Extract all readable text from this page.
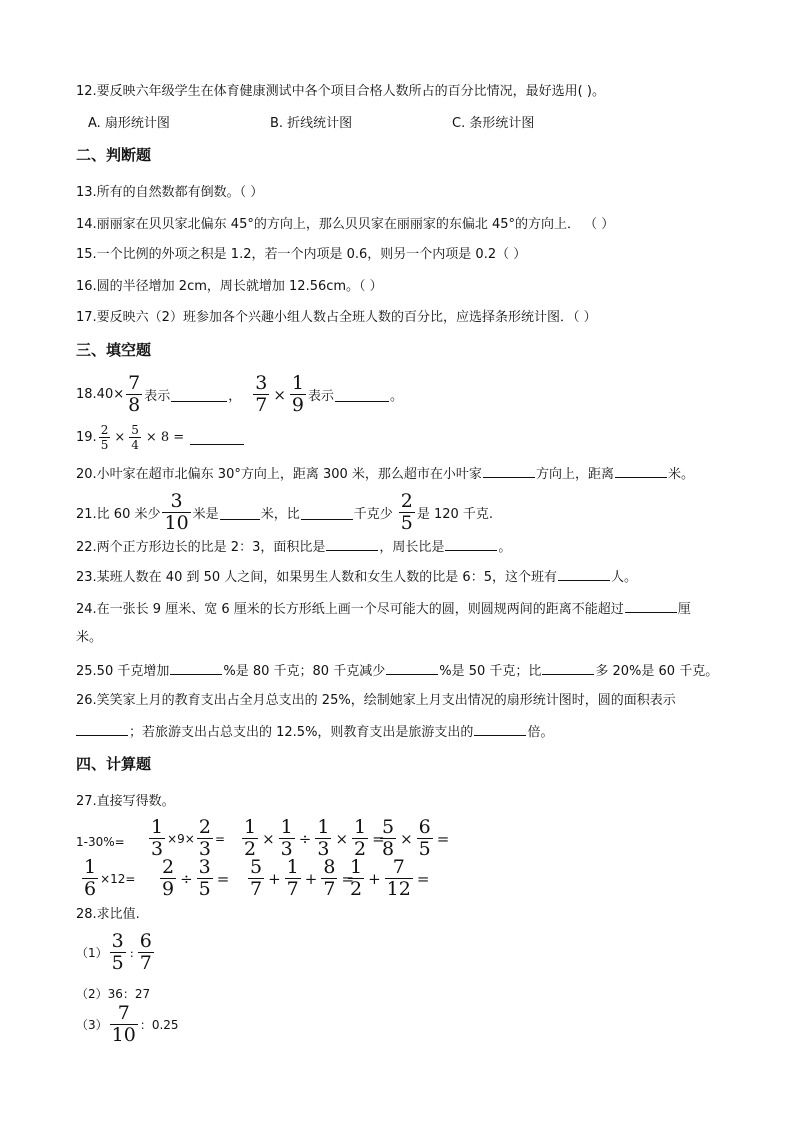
12.要反映六年级学生在体育健康测试中各个项目合格人数所占的百分比情况，最好选用( )。
A. 扇形统计图	B. 折线统计图	C. 条形统计图
二、判断题
13.所有的自然数都有倒数。（ ）
14.丽丽家在贝贝家北偏东 45°的方向上，那么贝贝家在丽丽家的东偏北 45°的方向上． （ ）
15.一个比例的外项之积是 1.2，若一个内项是 0.6，则另一个内项是 0.2（ ）
16.圆的半径增加 2cm，周长就增加 12.56cm。（ ）
17.要反映六（2）班参加各个兴趣小组人数占全班人数的百分比，应选择条形统计图．（ ）
三、填空题
$18.40\times \frac{7}{8}$ 表示	， $\frac{3}{7} \times \frac{1}{9}$ 表示	。
19. $\frac{2}{5} \times \frac{5}{4} \times 8$ =
20.小叶家在超市北偏东 30°方向上，距离 300 米，那么超市在小叶家	方向上，距离	米。
21.比 60 米少 $\frac{3}{10}$ 米是	米，比	千克少 $\frac{2}{5}$ 是 120 千克.
22.两个正方形边长的比是 2：3，面积比是	，周长比是	。
23.某班人数在 40 到 50 人之间，如果男生人数和女生人数的比是 6：5，这个班有	人。
24.在一张长 9 厘米、宽 6 厘米的长方形纸上画一个尽可能大的圆，则圆规两间的距离不能超过	厘
米。
25.50 千克增加	%是 80 千克；80 千克减少	%是 50 千克；比	多 20%是 60 千克。
26.笑笑家上月的教育支出占全月总支出的 25%，绘制她家上月支出情况的扇形统计图时，圆的面积表示
；若旅游支出占总支出的 12.5%，则教育支出是旅游支出的	倍。
四、计算题
27.直接写得数。
$1-30\%= \frac{1}{3} \times 9\times \frac{2}{3} = \frac{1}{2} \times \frac{1}{3} \div \frac{1}{3} \times \frac{1}{2}$ =
$\frac{5}{8} \times \frac{6}{5}$ =
$\frac{1}{6} \times 12= \frac{2}{9} \div \frac{3}{5} = \frac{5}{7} + \frac{1}{7} + \frac{8}{7}$ =
$\frac{1}{2} + \frac{7}{12}$ =
28.求比值.
$(1) \frac{3}{5}$ : $\frac{6}{7}$
（2）36：27
$(3) \frac{7}{10}$ ：0.25
